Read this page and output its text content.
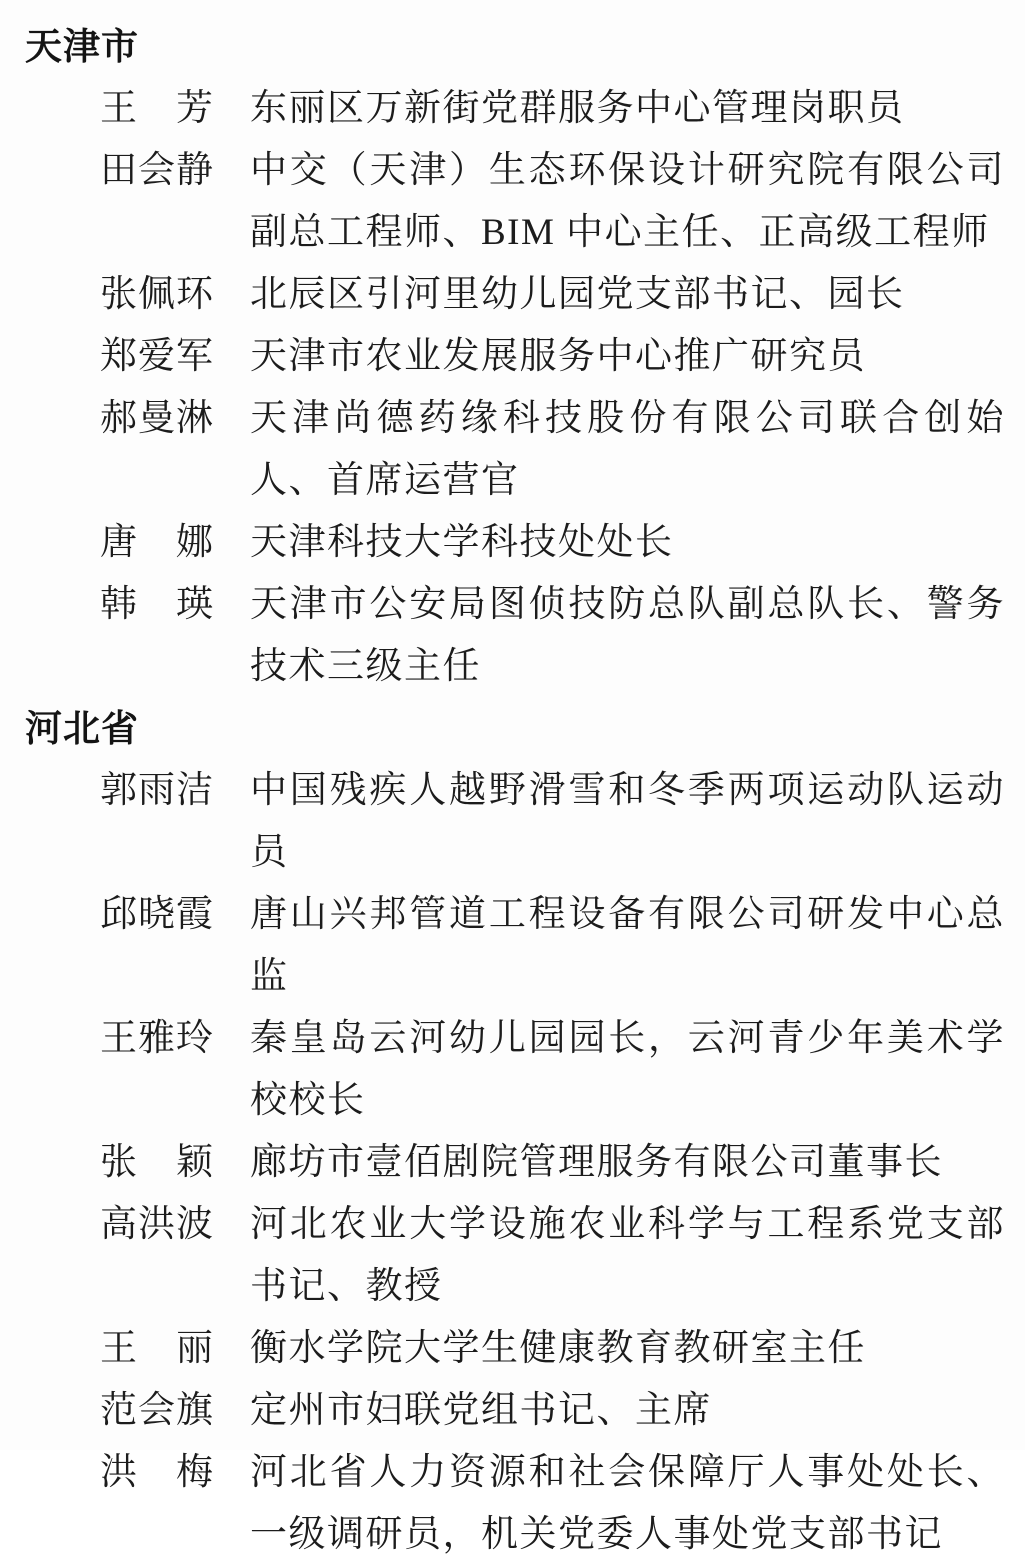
天津市
王　芳 东丽区万新街党群服务中心管理岗职员
田会静 中交（天津）生态环保设计研究院有限公司副总工程师、BIM 中心主任、正高级工程师
张佩环 北辰区引河里幼儿园党支部书记、园长
郑爱军 天津市农业发展服务中心推广研究员
郝曼淋 天津尚德药缘科技股份有限公司联合创始人、首席运营官
唐　娜 天津科技大学科技处处长
韩　瑛 天津市公安局图侦技防总队副总队长、警务技术三级主任
河北省
郭雨洁 中国残疾人越野滑雪和冬季两项运动队运动员
邱晓霞 唐山兴邦管道工程设备有限公司研发中心总监
王雅玲 秦皇岛云河幼儿园园长，云河青少年美术学校校长
张　颖 廊坊市壹佰剧院管理服务有限公司董事长
高洪波 河北农业大学设施农业科学与工程系党支部书记、教授
王　丽 衡水学院大学生健康教育教研室主任
范会旗 定州市妇联党组书记、主席
洪　梅 河北省人力资源和社会保障厅人事处处长、一级调研员，机关党委人事处党支部书记
